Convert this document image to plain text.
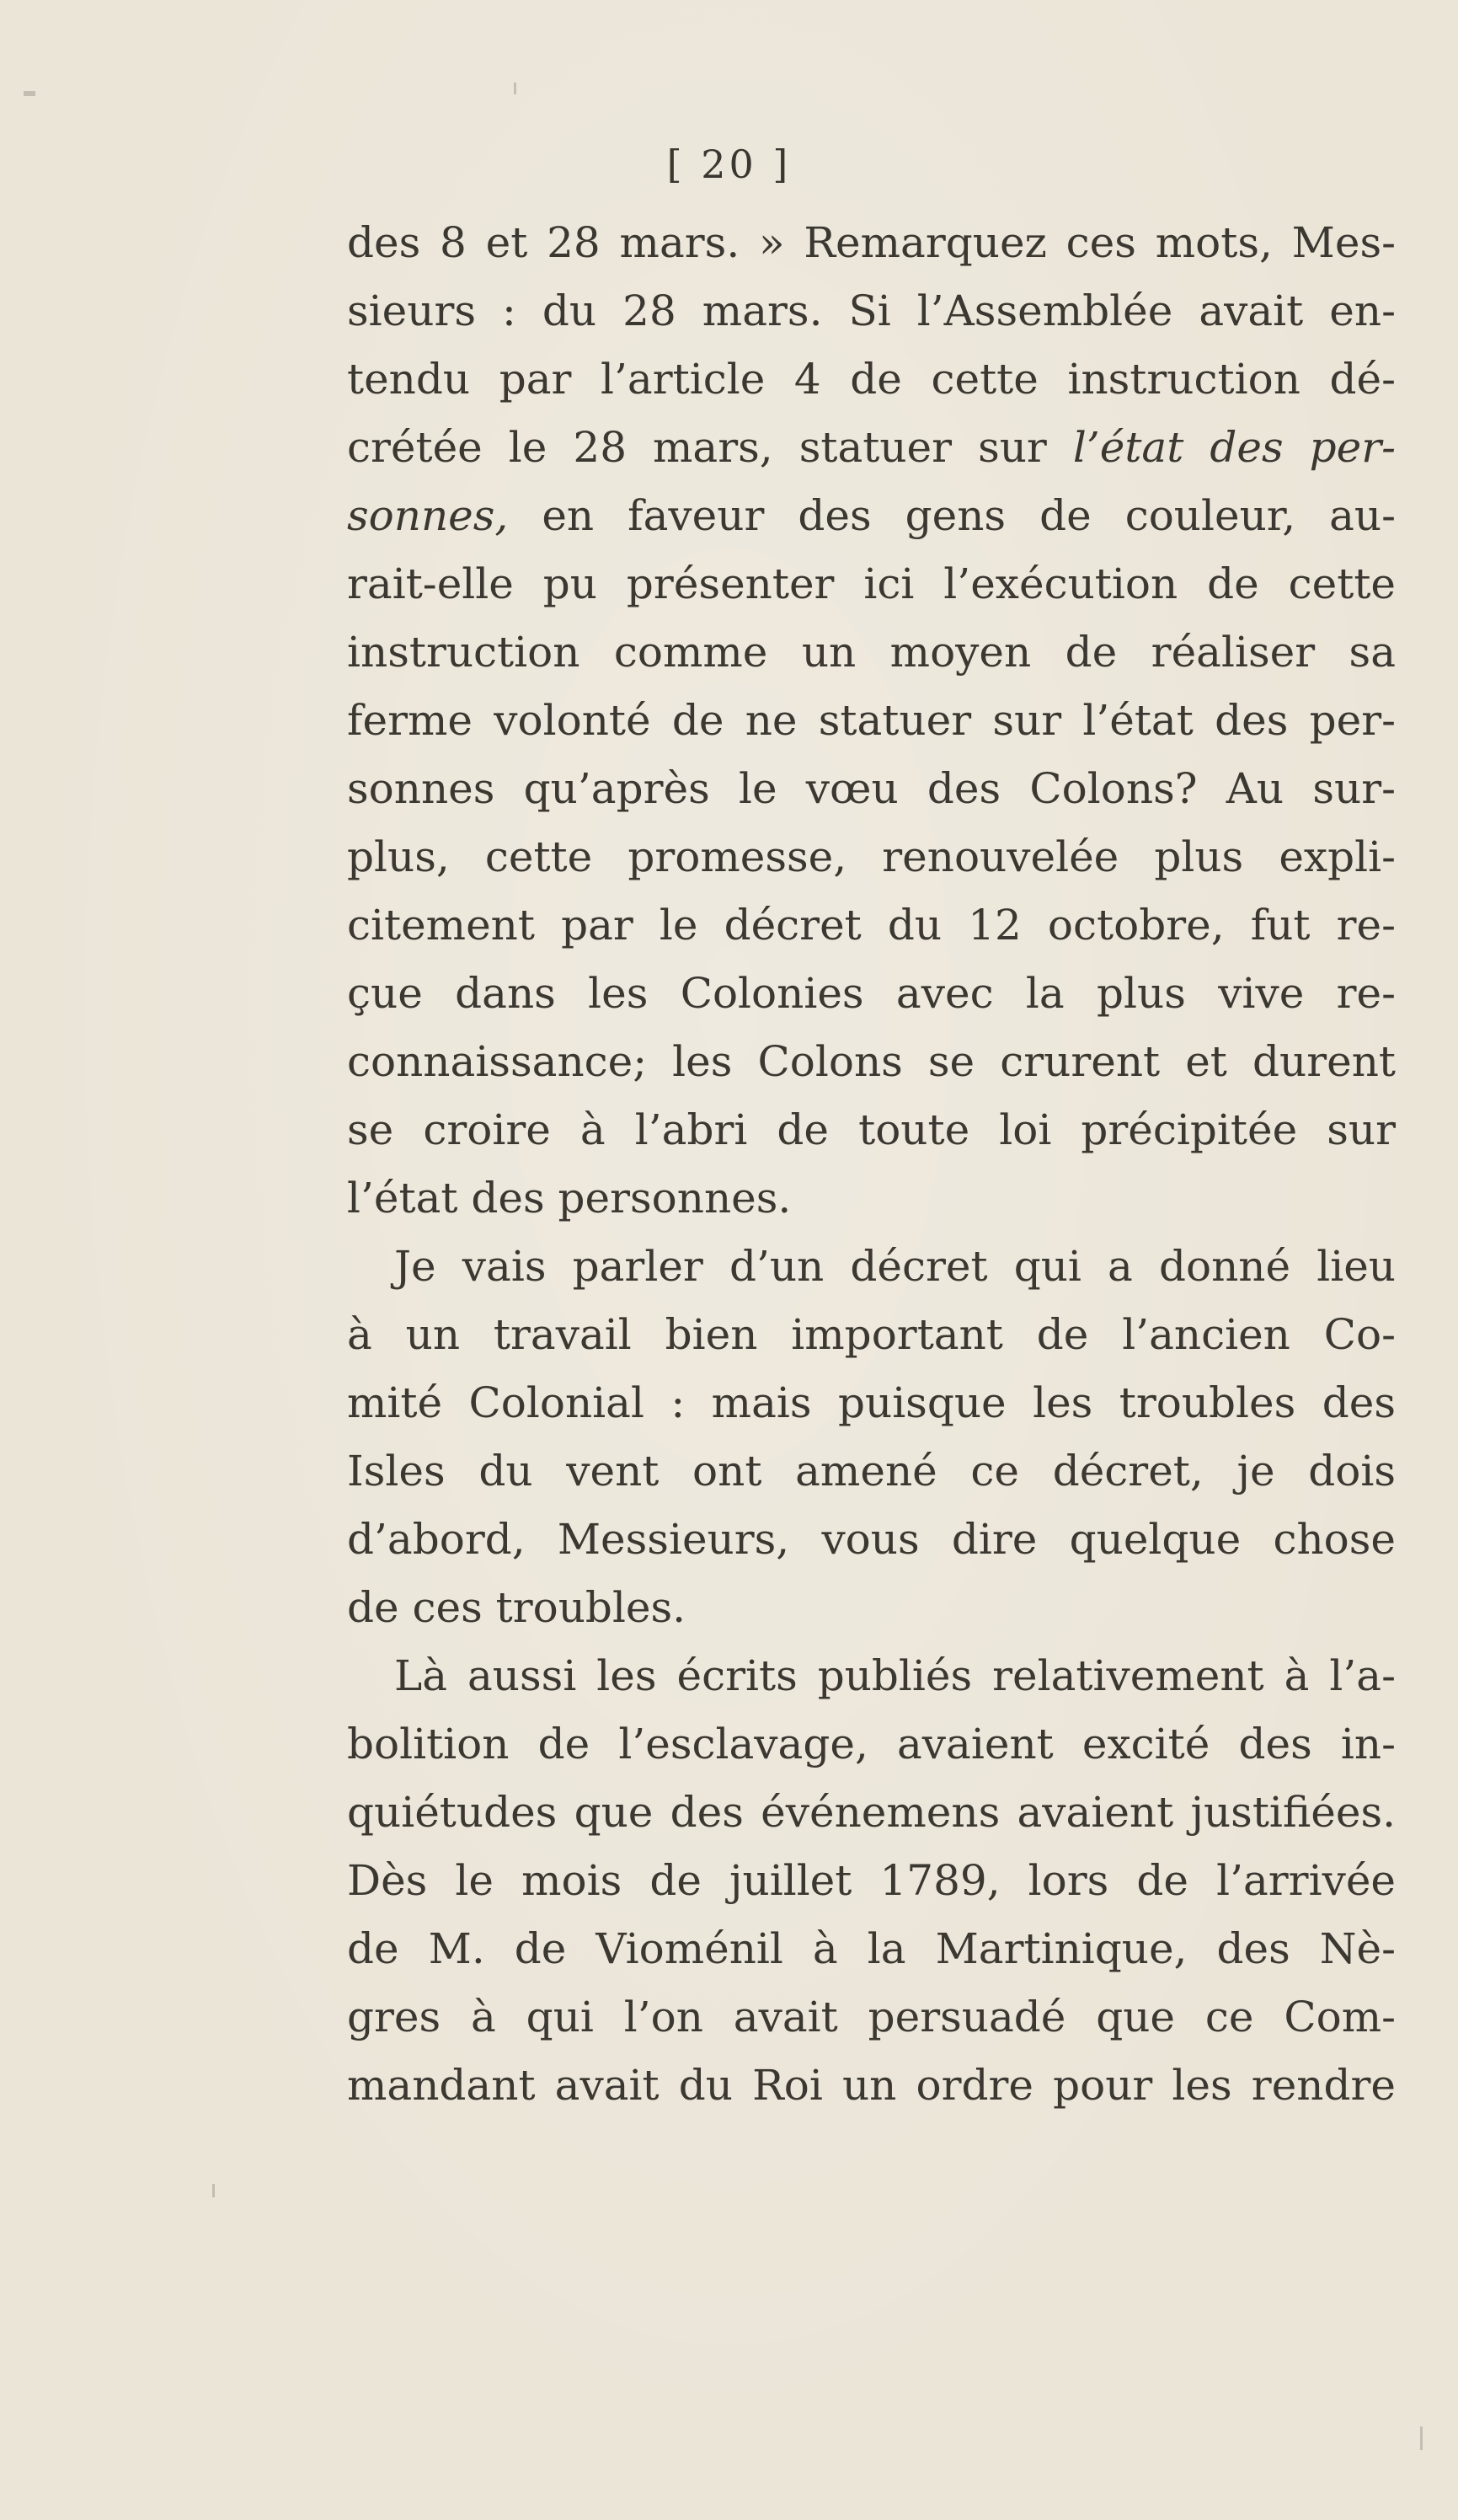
[ 20 ]
des 8 et 28 mars. » Remarquez ces mots, Mes-
sieurs : du 28 mars. Si l’Assemblée avait en-
tendu par l’article 4 de cette instruction dé-
crétée le 28 mars, statuer sur l’état des per-
sonnes, en faveur des gens de couleur, au-
rait-elle pu présenter ici l’exécution de cette
instruction comme un moyen de réaliser sa
ferme volonté de ne statuer sur l’état des per-
sonnes qu’après le vœu des Colons? Au sur-
plus, cette promesse, renouvelée plus expli-
citement par le décret du 12 octobre, fut re-
çue dans les Colonies avec la plus vive re-
connaissance; les Colons se crurent et durent
se croire à l’abri de toute loi précipitée sur
l’état des personnes.
Je vais parler d’un décret qui a donné lieu
à un travail bien important de l’ancien Co-
mité Colonial : mais puisque les troubles des
Isles du vent ont amené ce décret, je dois
d’abord, Messieurs, vous dire quelque chose
de ces troubles.
Là aussi les écrits publiés relativement à l’a-
bolition de l’esclavage, avaient excité des in-
quiétudes que des événemens avaient justifiées.
Dès le mois de juillet 1789, lors de l’arrivée
de M. de Vioménil à la Martinique, des Nè-
gres à qui l’on avait persuadé que ce Com-
mandant avait du Roi un ordre pour les rendre
